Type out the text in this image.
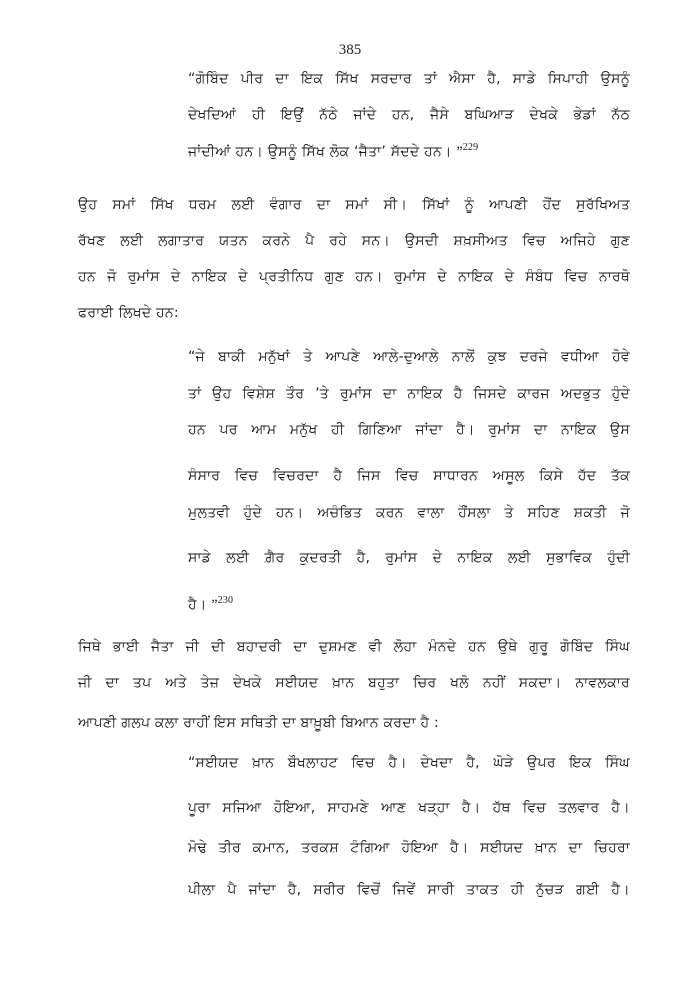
385
“ਗੋਬਿੰਦ ਪੀਰ ਦਾ ਇਕ ਸਿੱਖ ਸਰਦਾਰ ਤਾਂ ਐਸਾ ਹੈ, ਸਾਡੇ ਸਿਪਾਹੀ ਉਸਨੂੰ
ਦੇਖਦਿਆਂ ਹੀ ਇਉਂ ਨੱਠੇ ਜਾਂਦੇ ਹਨ, ਜੈਸੇ ਬਘਿਆੜ ਦੇਖਕੇ ਭੇਡਾਂ ਨੱਠ
ਜਾਂਦੀਆਂ ਹਨ। ਉਸਨੂੰ ਸਿੱਖ ਲੋਕ ‘ਜੈਤਾ’ ਸੱਦਦੇ ਹਨ। ”$^{229}$
ਉਹ ਸਮਾਂ ਸਿੱਖ ਧਰਮ ਲਈ ਵੰਗਾਰ ਦਾ ਸਮਾਂ ਸੀ। ਸਿੱਖਾਂ ਨੂੰ ਆਪਣੀ ਹੋਂਦ ਸੁਰੱਖਿਅਤ
ਰੱਖਣ ਲਈ ਲਗਾਤਾਰ ਯਤਨ ਕਰਨੇ ਪੈ ਰਹੇ ਸਨ। ਉਸਦੀ ਸ਼ਖ਼ਸੀਅਤ ਵਿਚ ਅਜਿਹੇ ਗੁਣ
ਹਨ ਜੋ ਰੁਮਾਂਸ ਦੇ ਨਾਇਕ ਦੇ ਪ੍ਰਤੀਨਿਧ ਗੁਣ ਹਨ। ਰੁਮਾਂਸ ਦੇ ਨਾਇਕ ਦੇ ਸੰਬੰਧ ਵਿਚ ਨਾਰਥੋ
ਫਰਾਈ ਲਿਖਦੇ ਹਨ:
“ਜੇ ਬਾਕੀ ਮਨੁੱਖਾਂ ਤੇ ਆਪਣੇ ਆਲੇ-ਦੁਆਲੇ ਨਾਲੋਂ ਕੁਝ ਦਰਜੇ ਵਧੀਆ ਹੋਵੇ
ਤਾਂ ਉਹ ਵਿਸ਼ੇਸ਼ ਤੌਰ ’ਤੇ ਰੁਮਾਂਸ ਦਾ ਨਾਇਕ ਹੈ ਜਿਸਦੇ ਕਾਰਜ ਅਦਭੁਤ ਹੁੰਦੇ
ਹਨ ਪਰ ਆਮ ਮਨੁੱਖ ਹੀ ਗਿਣਿਆ ਜਾਂਦਾ ਹੈ। ਰੁਮਾਂਸ ਦਾ ਨਾਇਕ ਉਸ
ਸੰਸਾਰ ਵਿਚ ਵਿਚਰਦਾ ਹੈ ਜਿਸ ਵਿਚ ਸਾਧਾਰਨ ਅਸੂਲ ਕਿਸੇ ਹੱਦ ਤੱਕ
ਮੁਲਤਵੀ ਹੁੰਦੇ ਹਨ। ਅਚੰਭਿਤ ਕਰਨ ਵਾਲਾ ਹੌਂਸਲਾ ਤੇ ਸਹਿਣ ਸ਼ਕਤੀ ਜੋ
ਸਾਡੇ ਲਈ ਗ਼ੈਰ ਕੁਦਰਤੀ ਹੈ, ਰੁਮਾਂਸ ਦੇ ਨਾਇਕ ਲਈ ਸੁਭਾਵਿਕ ਹੁੰਦੀ
ਹੈ। ”$^{230}$
ਜਿਥੇ ਭਾਈ ਜੈਤਾ ਜੀ ਦੀ ਬਹਾਦਰੀ ਦਾ ਦੁਸ਼ਮਣ ਵੀ ਲੋਹਾ ਮੰਨਦੇ ਹਨ ਉਥੇ ਗੁਰੂ ਗੋਬਿੰਦ ਸਿੰਘ
ਜੀ ਦਾ ਤਪ ਅਤੇ ਤੇਜ਼ ਦੇਖਕੇ ਸਈਯਦ ਖ਼ਾਨ ਬਹੁਤਾ ਚਿਰ ਖਲੋ ਨਹੀਂ ਸਕਦਾ। ਨਾਵਲਕਾਰ
ਆਪਣੀ ਗਲਪ ਕਲਾ ਰਾਹੀਂ ਇਸ ਸਥਿਤੀ ਦਾ ਬਾਖ਼ੂਬੀ ਬਿਆਨ ਕਰਦਾ ਹੈ :
“ਸਈਯਦ ਖ਼ਾਨ ਬੌਖਲਾਹਟ ਵਿਚ ਹੈ। ਦੇਖਦਾ ਹੈ, ਘੋੜੇ ਉਪਰ ਇਕ ਸਿੰਘ
ਪੂਰਾ ਸਜਿਆ ਹੋਇਆ, ਸਾਹਮਣੇ ਆਣ ਖੜ੍ਹਾ ਹੈ। ਹੱਥ ਵਿਚ ਤਲਵਾਰ ਹੈ।
ਮੋਢੇ ਤੀਰ ਕਮਾਨ, ਤਰਕਸ਼ ਟੰਗਿਆ ਹੋਇਆ ਹੈ। ਸਈਯਦ ਖ਼ਾਨ ਦਾ ਚਿਹਰਾ
ਪੀਲਾ ਪੈ ਜਾਂਦਾ ਹੈ, ਸਰੀਰ ਵਿਚੋਂ ਜਿਵੇਂ ਸਾਰੀ ਤਾਕਤ ਹੀ ਨੁੱਚੜ ਗਈ ਹੈ।
